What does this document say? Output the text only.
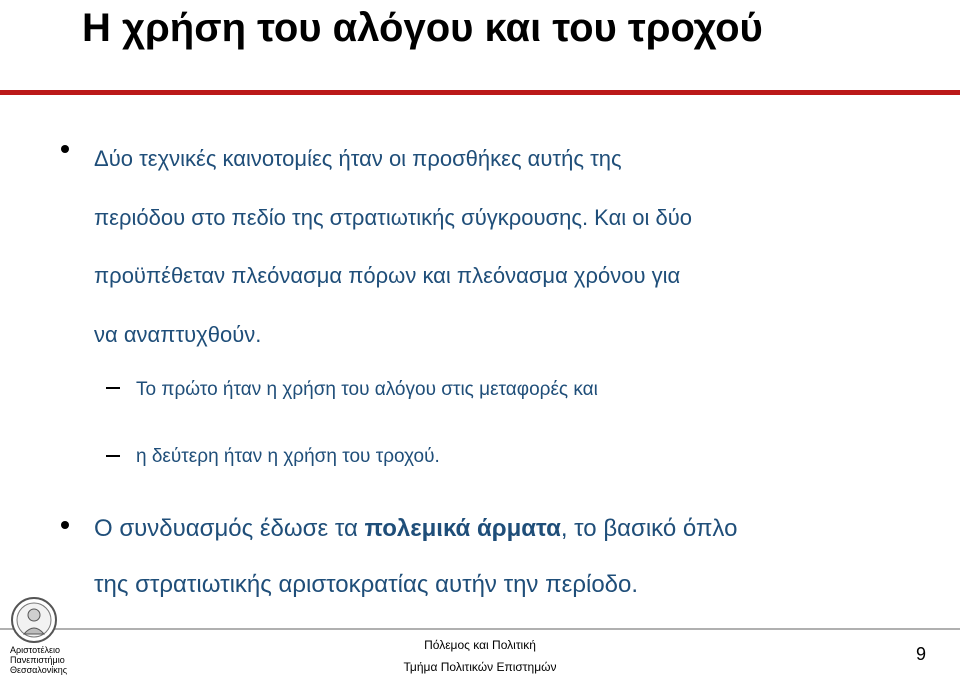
Η χρήση του αλόγου και του τροχού
Δύο τεχνικές καινοτομίες ήταν οι προσθήκες αυτής της
περιόδου στο πεδίο της στρατιωτικής σύγκρουσης. Και οι δύο
προϋπέθεταν πλεόνασμα πόρων και πλεόνασμα χρόνου για
να αναπτυχθούν.
Το πρώτο ήταν η χρήση του αλόγου στις μεταφορές και
η δεύτερη ήταν η χρήση του τροχού.
Ο συνδυασμός έδωσε τα πολεμικά άρματα, το βασικό όπλο
της στρατιωτικής αριστοκρατίας αυτήν την περίοδο.
Αριστοτέλειο
Πανεπιστήμιο
Θεσσαλονίκης
Πόλεμος και Πολιτική
Τμήμα Πολιτικών Επιστημών
9
